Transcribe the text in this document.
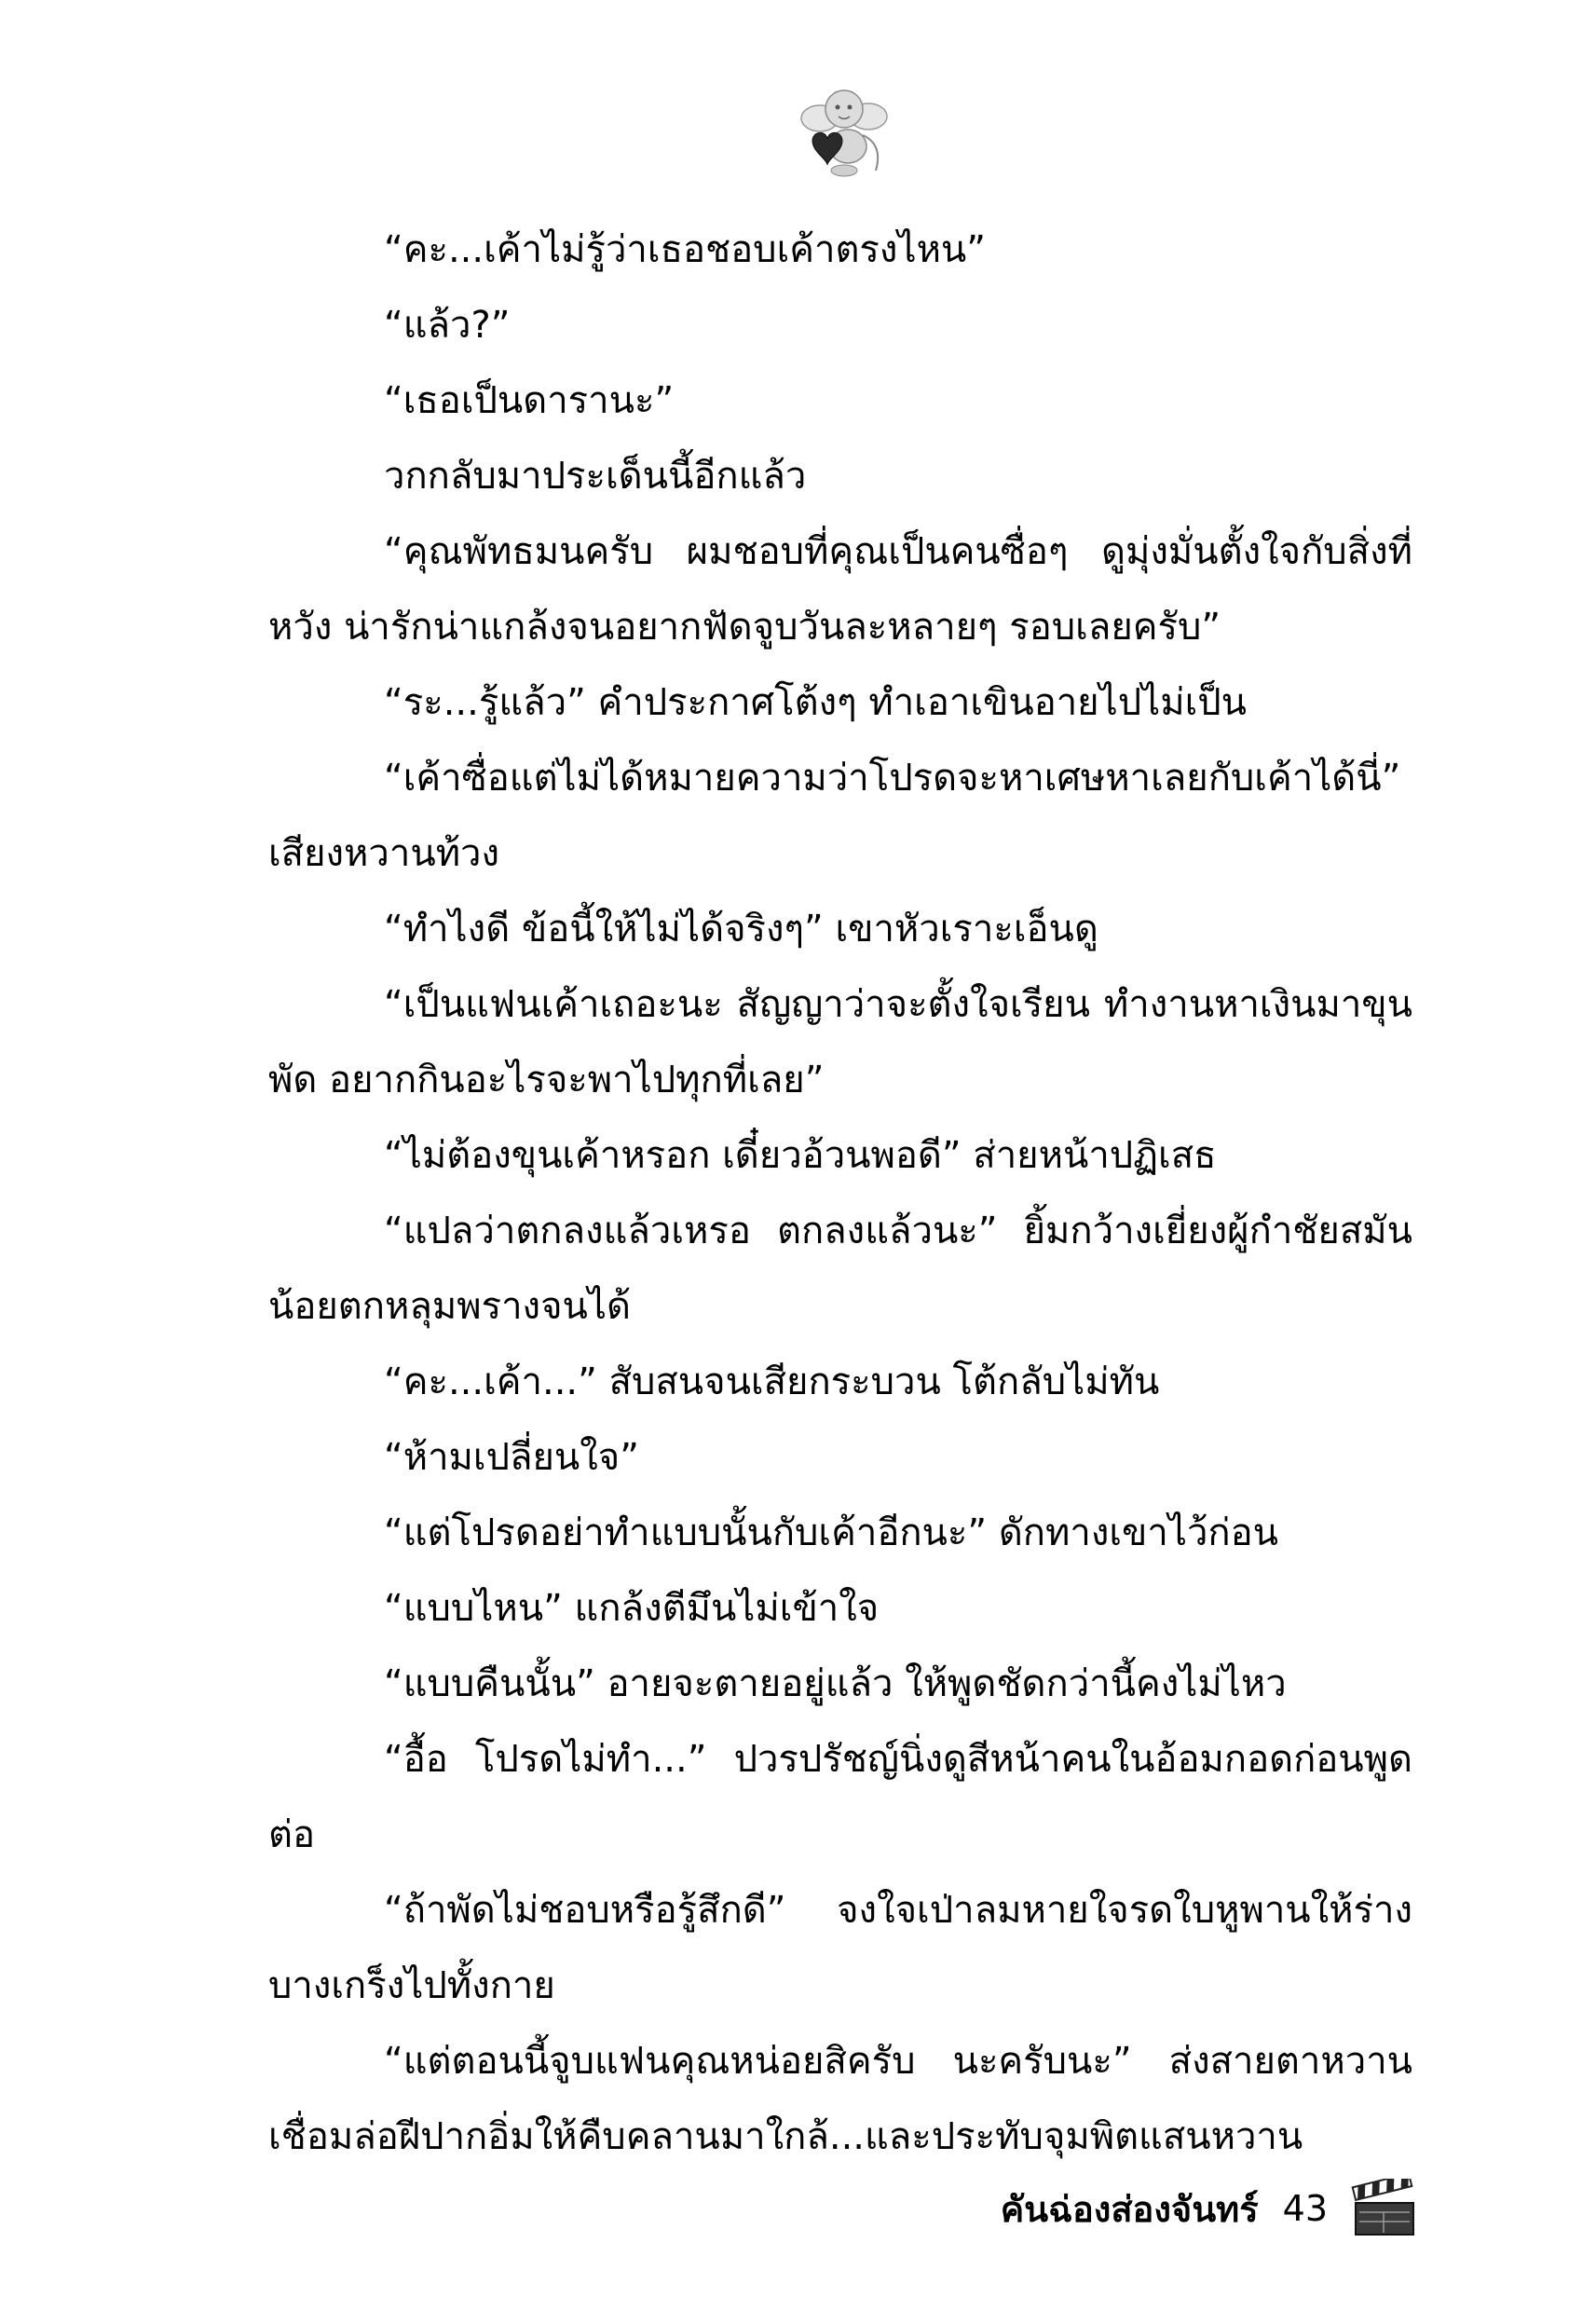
“คะ...เค้าไม่รู้ว่าเธอชอบเค้าตรงไหน”

“แล้ว?”

“เธอเป็นดารานะ”

วกกลับมาประเด็นนี้อีกแล้ว

“คุณพัทธมนครับ ผมชอบที่คุณเป็นคนซื่อๆ ดูมุ่งมั่นตั้งใจกับสิ่งที่หวัง น่ารักน่าแกล้งจนอยากฟัดจูบวันละหลายๆ รอบเลยครับ”

“ระ...รู้แล้ว” คำประกาศโต้งๆ ทำเอาเขินอายไปไม่เป็น

“เค้าซื่อแต่ไม่ได้หมายความว่าโปรดจะหาเศษหาเลยกับเค้าได้นี่” เสียงหวานท้วง

“ทำไงดี ข้อนี้ให้ไม่ได้จริงๆ” เขาหัวเราะเอ็นดู

“เป็นแฟนเค้าเถอะนะ สัญญาว่าจะตั้งใจเรียน ทำงานหาเงินมาขุนพัด อยากกินอะไรจะพาไปทุกที่เลย”

“ไม่ต้องขุนเค้าหรอก เดี๋ยวอ้วนพอดี” ส่ายหน้าปฏิเสธ

“แปลว่าตกลงแล้วเหรอ ตกลงแล้วนะ” ยิ้มกว้างเยี่ยงผู้กำชัยสมันน้อยตกหลุมพรางจนได้

“คะ...เค้า...” สับสนจนเสียกระบวน โต้กลับไม่ทัน

“ห้ามเปลี่ยนใจ”

“แต่โปรดอย่าทำแบบนั้นกับเค้าอีกนะ” ดักทางเขาไว้ก่อน

“แบบไหน” แกล้งตีมึนไม่เข้าใจ

“แบบคืนนั้น” อายจะตายอยู่แล้ว ให้พูดชัดกว่านี้คงไม่ไหว

“อื้อ โปรดไม่ทำ...” ปวรปรัชญ์นิ่งดูสีหน้าคนในอ้อมกอดก่อนพูดต่อ

“ถ้าพัดไม่ชอบหรือรู้สึกดี” จงใจเป่าลมหายใจรดใบหูพานให้ร่างบางเกร็งไปทั้งกาย

“แต่ตอนนี้จูบแฟนคุณหน่อยสิครับ นะครับนะ” ส่งสายตาหวานเชื่อมล่อฝีปากอิ่มให้คืบคลานมาใกล้...และประทับจุมพิตแสนหวาน

คันฉ่องส่องจันทร์ 43
